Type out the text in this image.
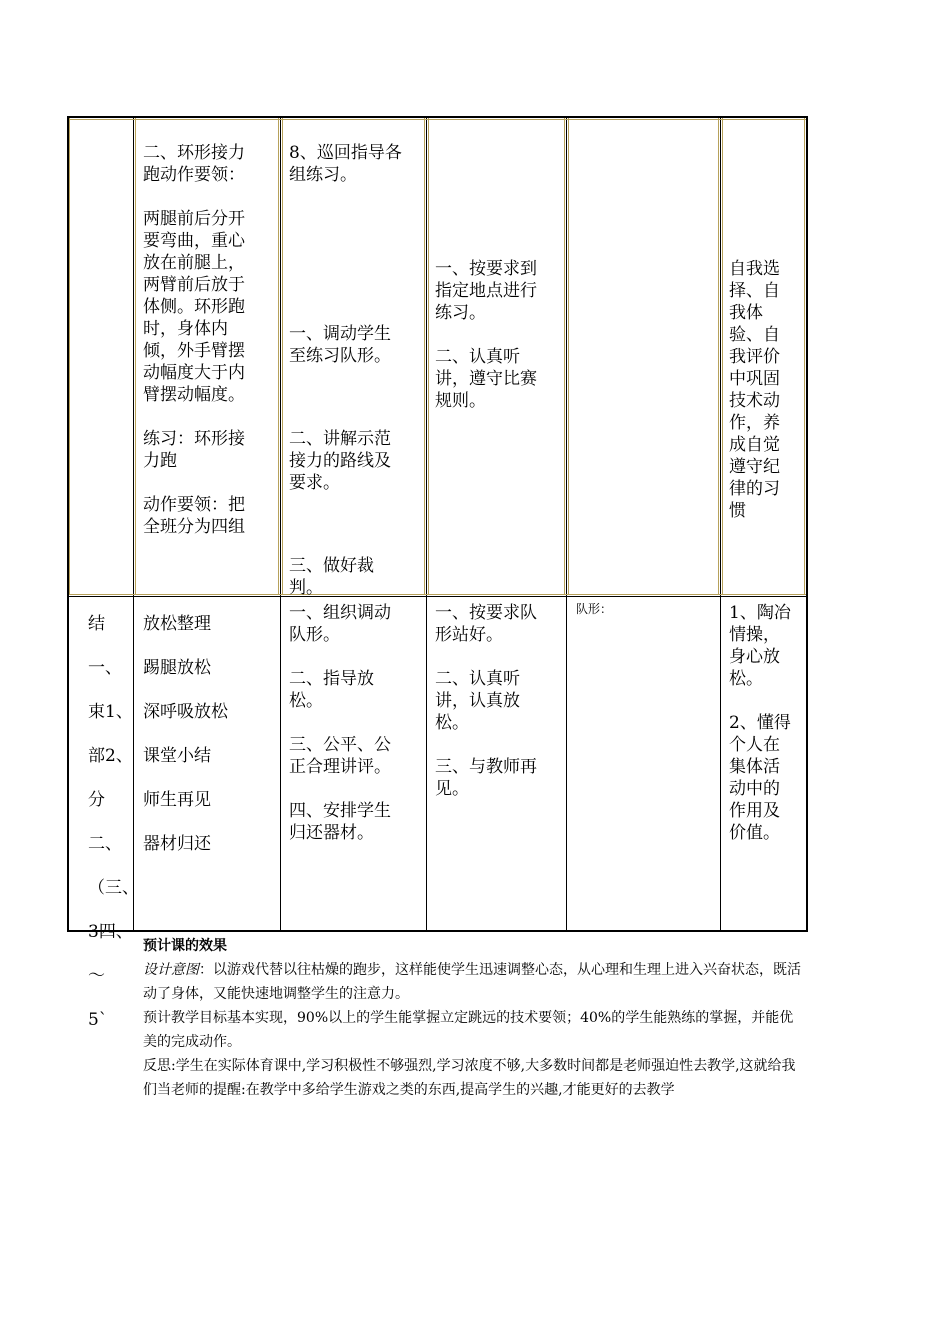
二、环形接力

跑动作要领：

两腿前后分开

要弯曲，重心

放在前腿上，

两臂前后放于

体侧。环形跑

时，身体内

倾，外手臂摆

动幅度大于内

臂摆动幅度。

练习：环形接

力跑

动作要领：把

全班分为四组

8、巡回指导各

组练习。

一、调动学生

至练习队形。

二、讲解示范

接力的路线及

要求。

三、做好裁

判。

一、按要求到

指定地点进行

练习。

二、认真听

讲，遵守比赛

规则。

自我选

择、自

我体

验、自

我评价

中巩固

技术动

作，养

成自觉

遵守纪

律的习

惯

结一、

束1、

部2、

分二、

（三、

3四、

～

5`

放松整理

踢腿放松

深呼吸放松

课堂小结

师生再见

器材归还

一、组织调动

队形。

二、指导放

松。

三、公平、公

正合理讲评。

四、安排学生

归还器材。

一、按要求队

形站好。

二、认真听

讲，认真放

松。

三、与教师再

见。

队形：	1、陶冶

情操，

身心放

松。

2、懂得

个人在

集体活

动中的

作用及

价值。

预计课的效果

设计意图：以游戏代替以往枯燥的跑步，这样能使学生迅速调整心态，从心理和生理上进入兴奋状态，既活动了身体，又能快速地调整学生的注意力。

预计教学目标基本实现，90%以上的学生能掌握立定跳远的技术要领；40%的学生能熟练的掌握，并能优美的完成动作。

反思:学生在实际体育课中,学习积极性不够强烈,学习浓度不够,大多数时间都是老师强迫性去教学,这就给我们当老师的提醒:在教学中多给学生游戏之类的东西,提高学生的兴趣,才能更好的去教学
